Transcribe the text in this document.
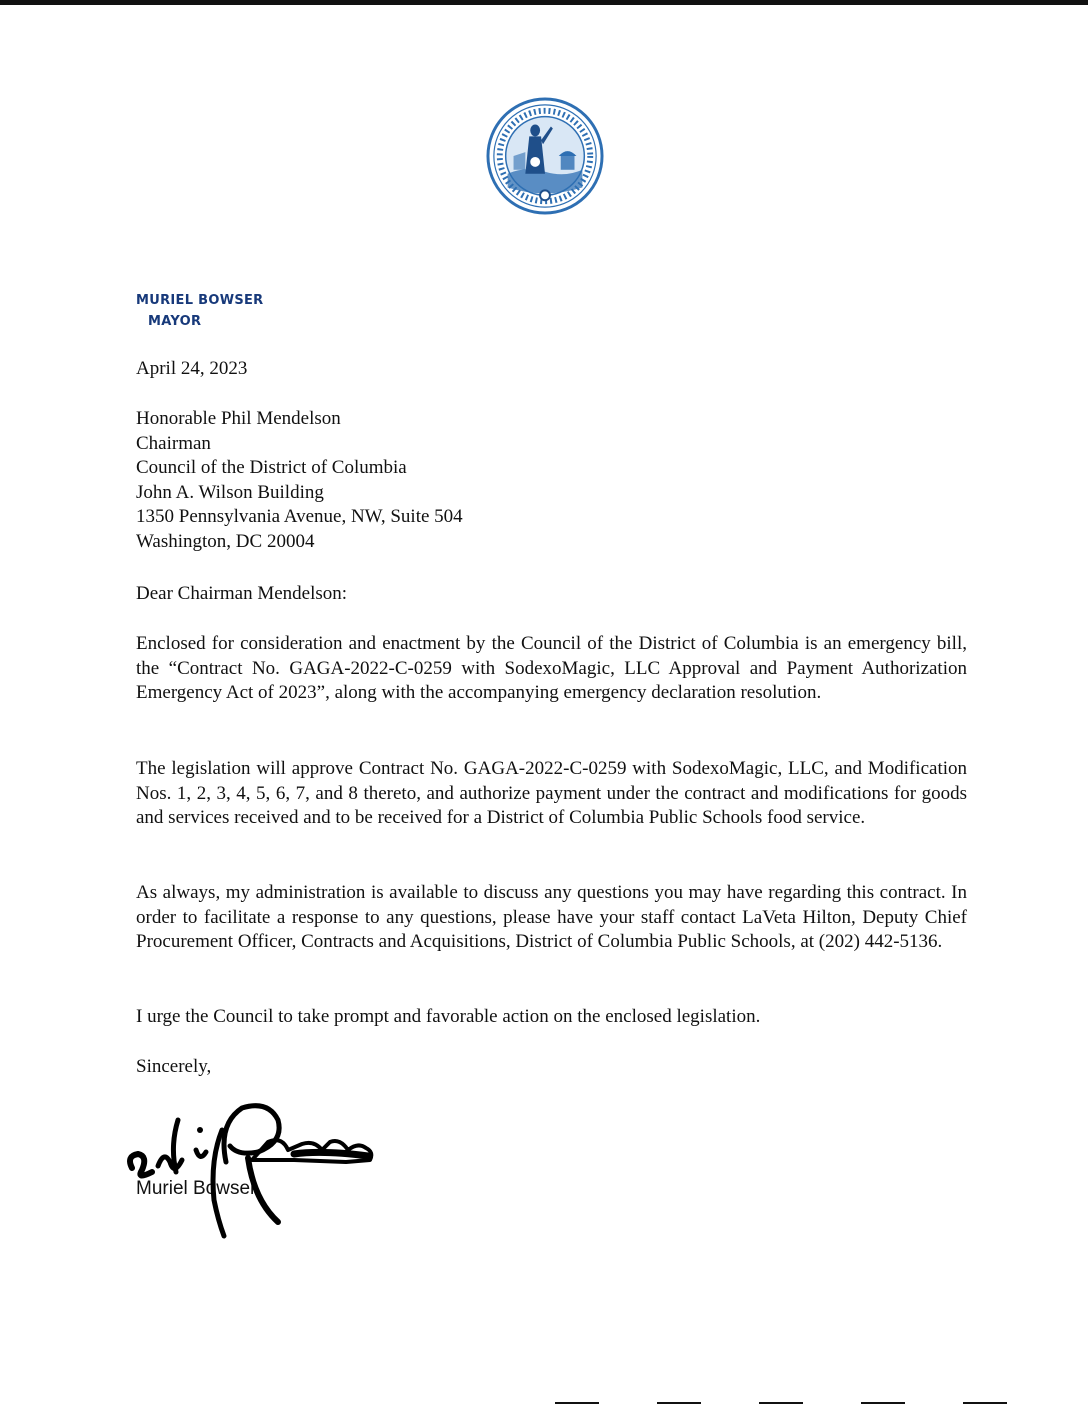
MURIEL BOWSER
MAYOR

April 24, 2023

Honorable Phil Mendelson
Chairman
Council of the District of Columbia
John A. Wilson Building
1350 Pennsylvania Avenue, NW, Suite 504
Washington, DC 20004

Dear Chairman Mendelson:

Enclosed for consideration and enactment by the Council of the District of Columbia is an emergency bill, the “Contract No. GAGA-2022-C-0259 with SodexoMagic, LLC Approval and Payment Authorization Emergency Act of 2023”, along with the accompanying emergency declaration resolution.

The legislation will approve Contract No. GAGA-2022-C-0259 with SodexoMagic, LLC, and Modification Nos. 1, 2, 3, 4, 5, 6, 7, and 8 thereto, and authorize payment under the contract and modifications for goods and services received and to be received for a District of Columbia Public Schools food service.

As always, my administration is available to discuss any questions you may have regarding this contract. In order to facilitate a response to any questions, please have your staff contact LaVeta Hilton, Deputy Chief Procurement Officer, Contracts and Acquisitions, District of Columbia Public Schools, at (202) 442-5136.

I urge the Council to take prompt and favorable action on the enclosed legislation.

Sincerely,

Muriel Bowser
